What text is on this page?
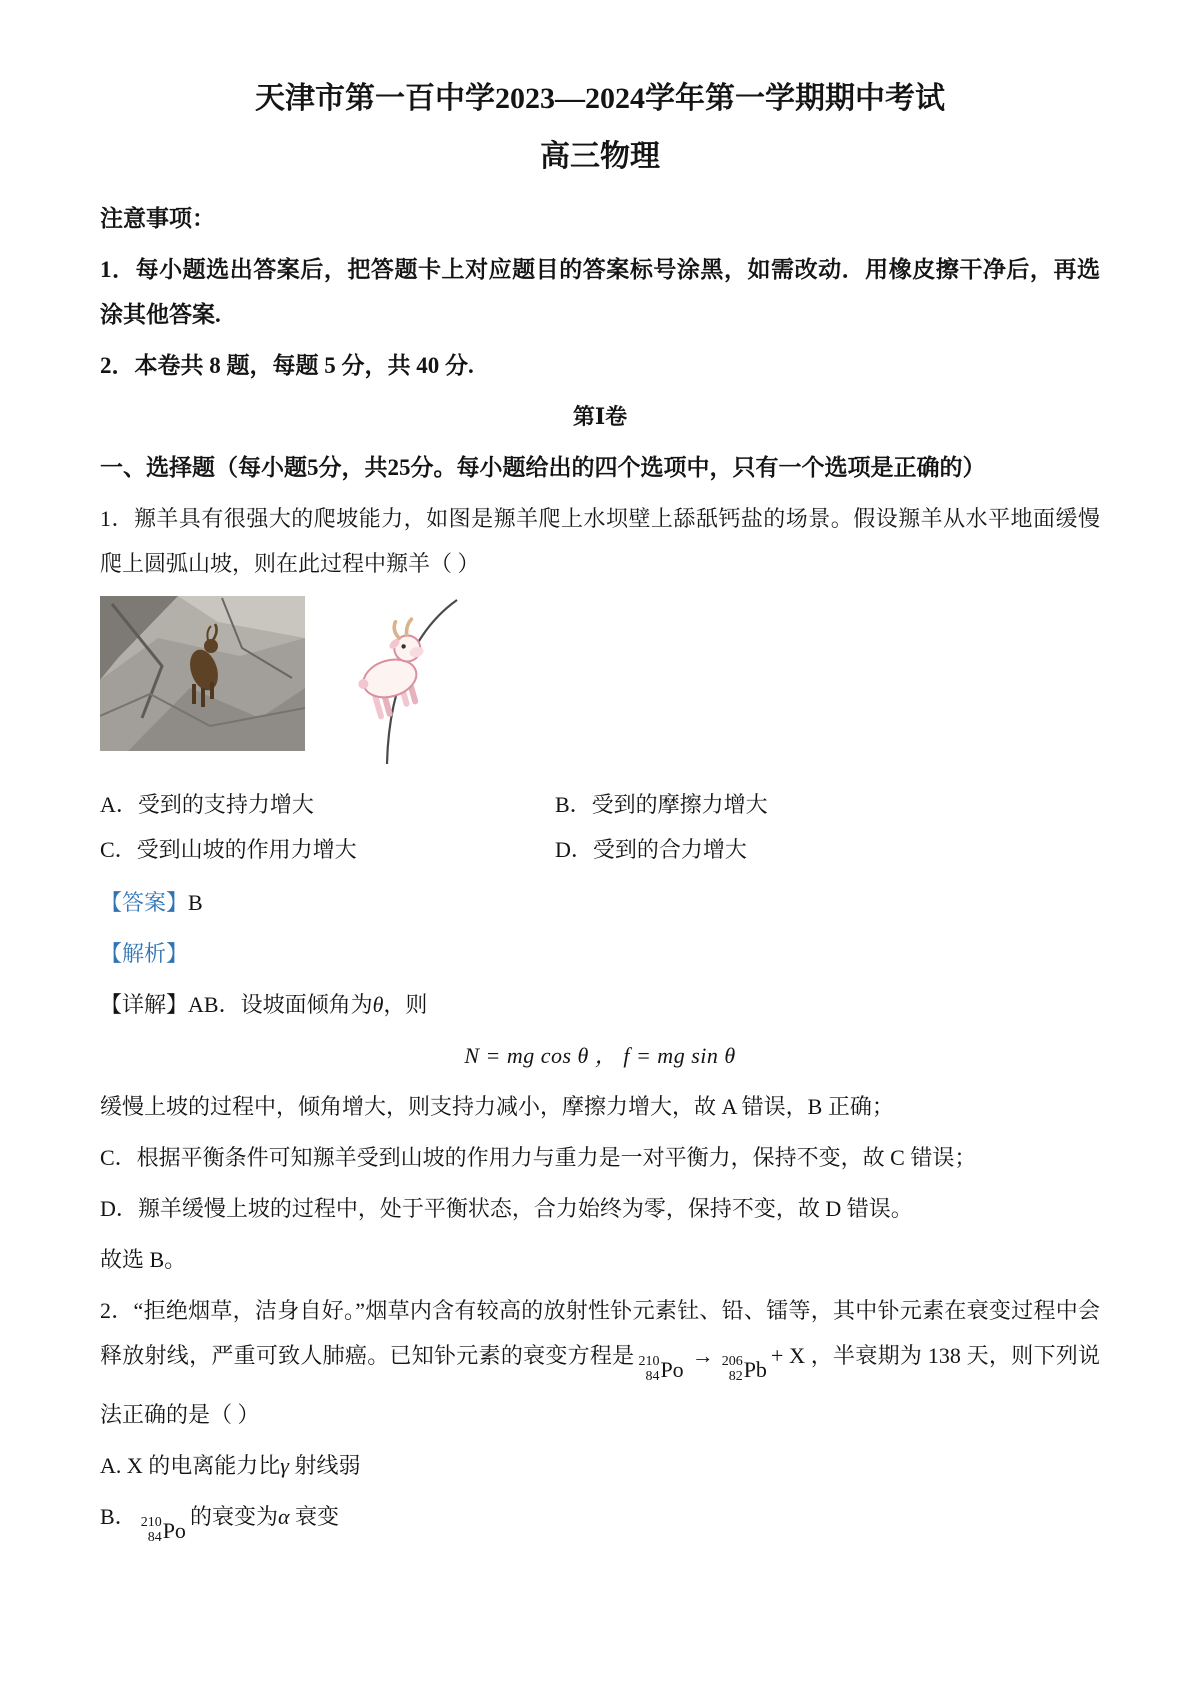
天津市第一百中学2023—2024学年第一学期期中考试
高三物理

注意事项：

1．每小题选出答案后，把答题卡上对应题目的答案标号涂黑，如需改动．用橡皮擦干净后，再选涂其他答案.

2．本卷共 8 题，每题 5 分，共 40 分.

第Ⅰ卷

一、选择题（每小题5分，共25分。每小题给出的四个选项中，只有一个选项是正确的）

1．羱羊具有很强大的爬坡能力，如图是羱羊爬上水坝壁上舔舐钙盐的场景。假设羱羊从水平地面缓慢爬上圆弧山坡，则在此过程中羱羊（ ）

A．受到的支持力增大	B．受到的摩擦力增大
C．受到山坡的作用力增大	D．受到的合力增大

【答案】B

【解析】

【详解】AB．设坡面倾角为θ，则

N = mg cos θ ， f = mg sin θ

缓慢上坡的过程中，倾角增大，则支持力减小，摩擦力增大，故 A 错误，B 正确；

C．根据平衡条件可知羱羊受到山坡的作用力与重力是一对平衡力，保持不变，故 C 错误；

D．羱羊缓慢上坡的过程中，处于平衡状态，合力始终为零，保持不变，故 D 错误。

故选 B。

2．“拒绝烟草，洁身自好。”烟草内含有较高的放射性钋元素钍、铅、镭等，其中钋元素在衰变过程中会释放射线，严重可致人肺癌。已知钋元素的衰变方程是 210
84 Po
→ 206
82 Pb
+ X ，半衰期为 138 天，则下列说法正确的是（ ）

A. X 的电离能力比γ 射线弱

B． 210
84 Po
的衰变为α 衰变
